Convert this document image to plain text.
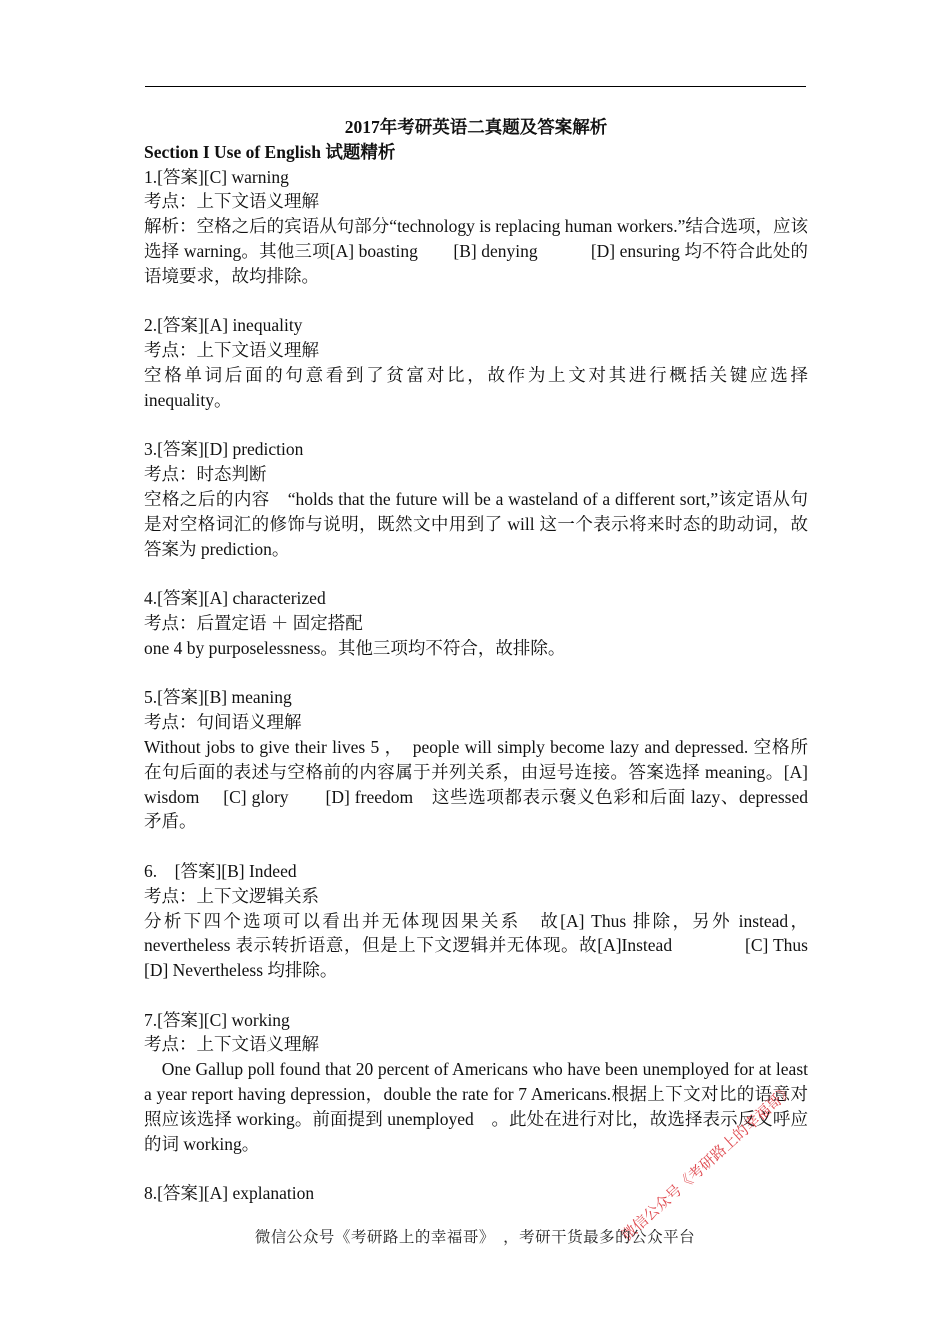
2017年考研英语二真题及答案解析

Section I Use of English 试题精析

1.[答案][C] warning

考点：上下文语义理解

解析：空格之后的宾语从句部分“technology is replacing human workers.”结合选项，应该选择 warning。其他三项[A] boasting　　[B] denying　　　[D] ensuring 均不符合此处的语境要求，故均排除。

2.[答案][A] inequality

考点：上下文语义理解

空格单词后面的句意看到了贫富对比，故作为上文对其进行概括关键应选择 inequality。

3.[答案][D] prediction

考点：时态判断

空格之后的内容　“holds that the future will be a wasteland of a different sort,”该定语从句是对空格词汇的修饰与说明，既然文中用到了 will 这一个表示将来时态的助动词，故答案为 prediction。

4.[答案][A] characterized

考点：后置定语 ＋ 固定搭配

one 4 by purposelessness。其他三项均不符合，故排除。

5.[答案][B] meaning

考点：句间语义理解

Without jobs to give their lives 5 ，　people will simply become lazy and depressed. 空格所在句后面的表述与空格前的内容属于并列关系，由逗号连接。答案选择 meaning。[A] wisdom　 [C] glory　　[D] freedom　这些选项都表示褒义色彩和后面 lazy、depressed 矛盾。

6.　[答案][B] Indeed

考点：上下文逻辑关系

分析下四个选项可以看出并无体现因果关系　故[A] Thus 排除，另外 instead，nevertheless 表示转折语意，但是上下文逻辑并无体现。故[A]Instead　　　　[C] Thus　　　　[D] Nevertheless 均排除。

7.[答案][C] working

考点：上下文语义理解

　One Gallup poll found that 20 percent of Americans who have been unemployed for at least a year report having depression，double the rate for 7 Americans.根据上下文对比的语意对照应该选择 working。前面提到 unemployed　。此处在进行对比，故选择表示反义呼应的词 working。

8.[答案][A] explanation	微信公众号《考研路上的幸福哥》
微信公众号《考研路上的幸福哥》　，考研干货最多的公众平台
